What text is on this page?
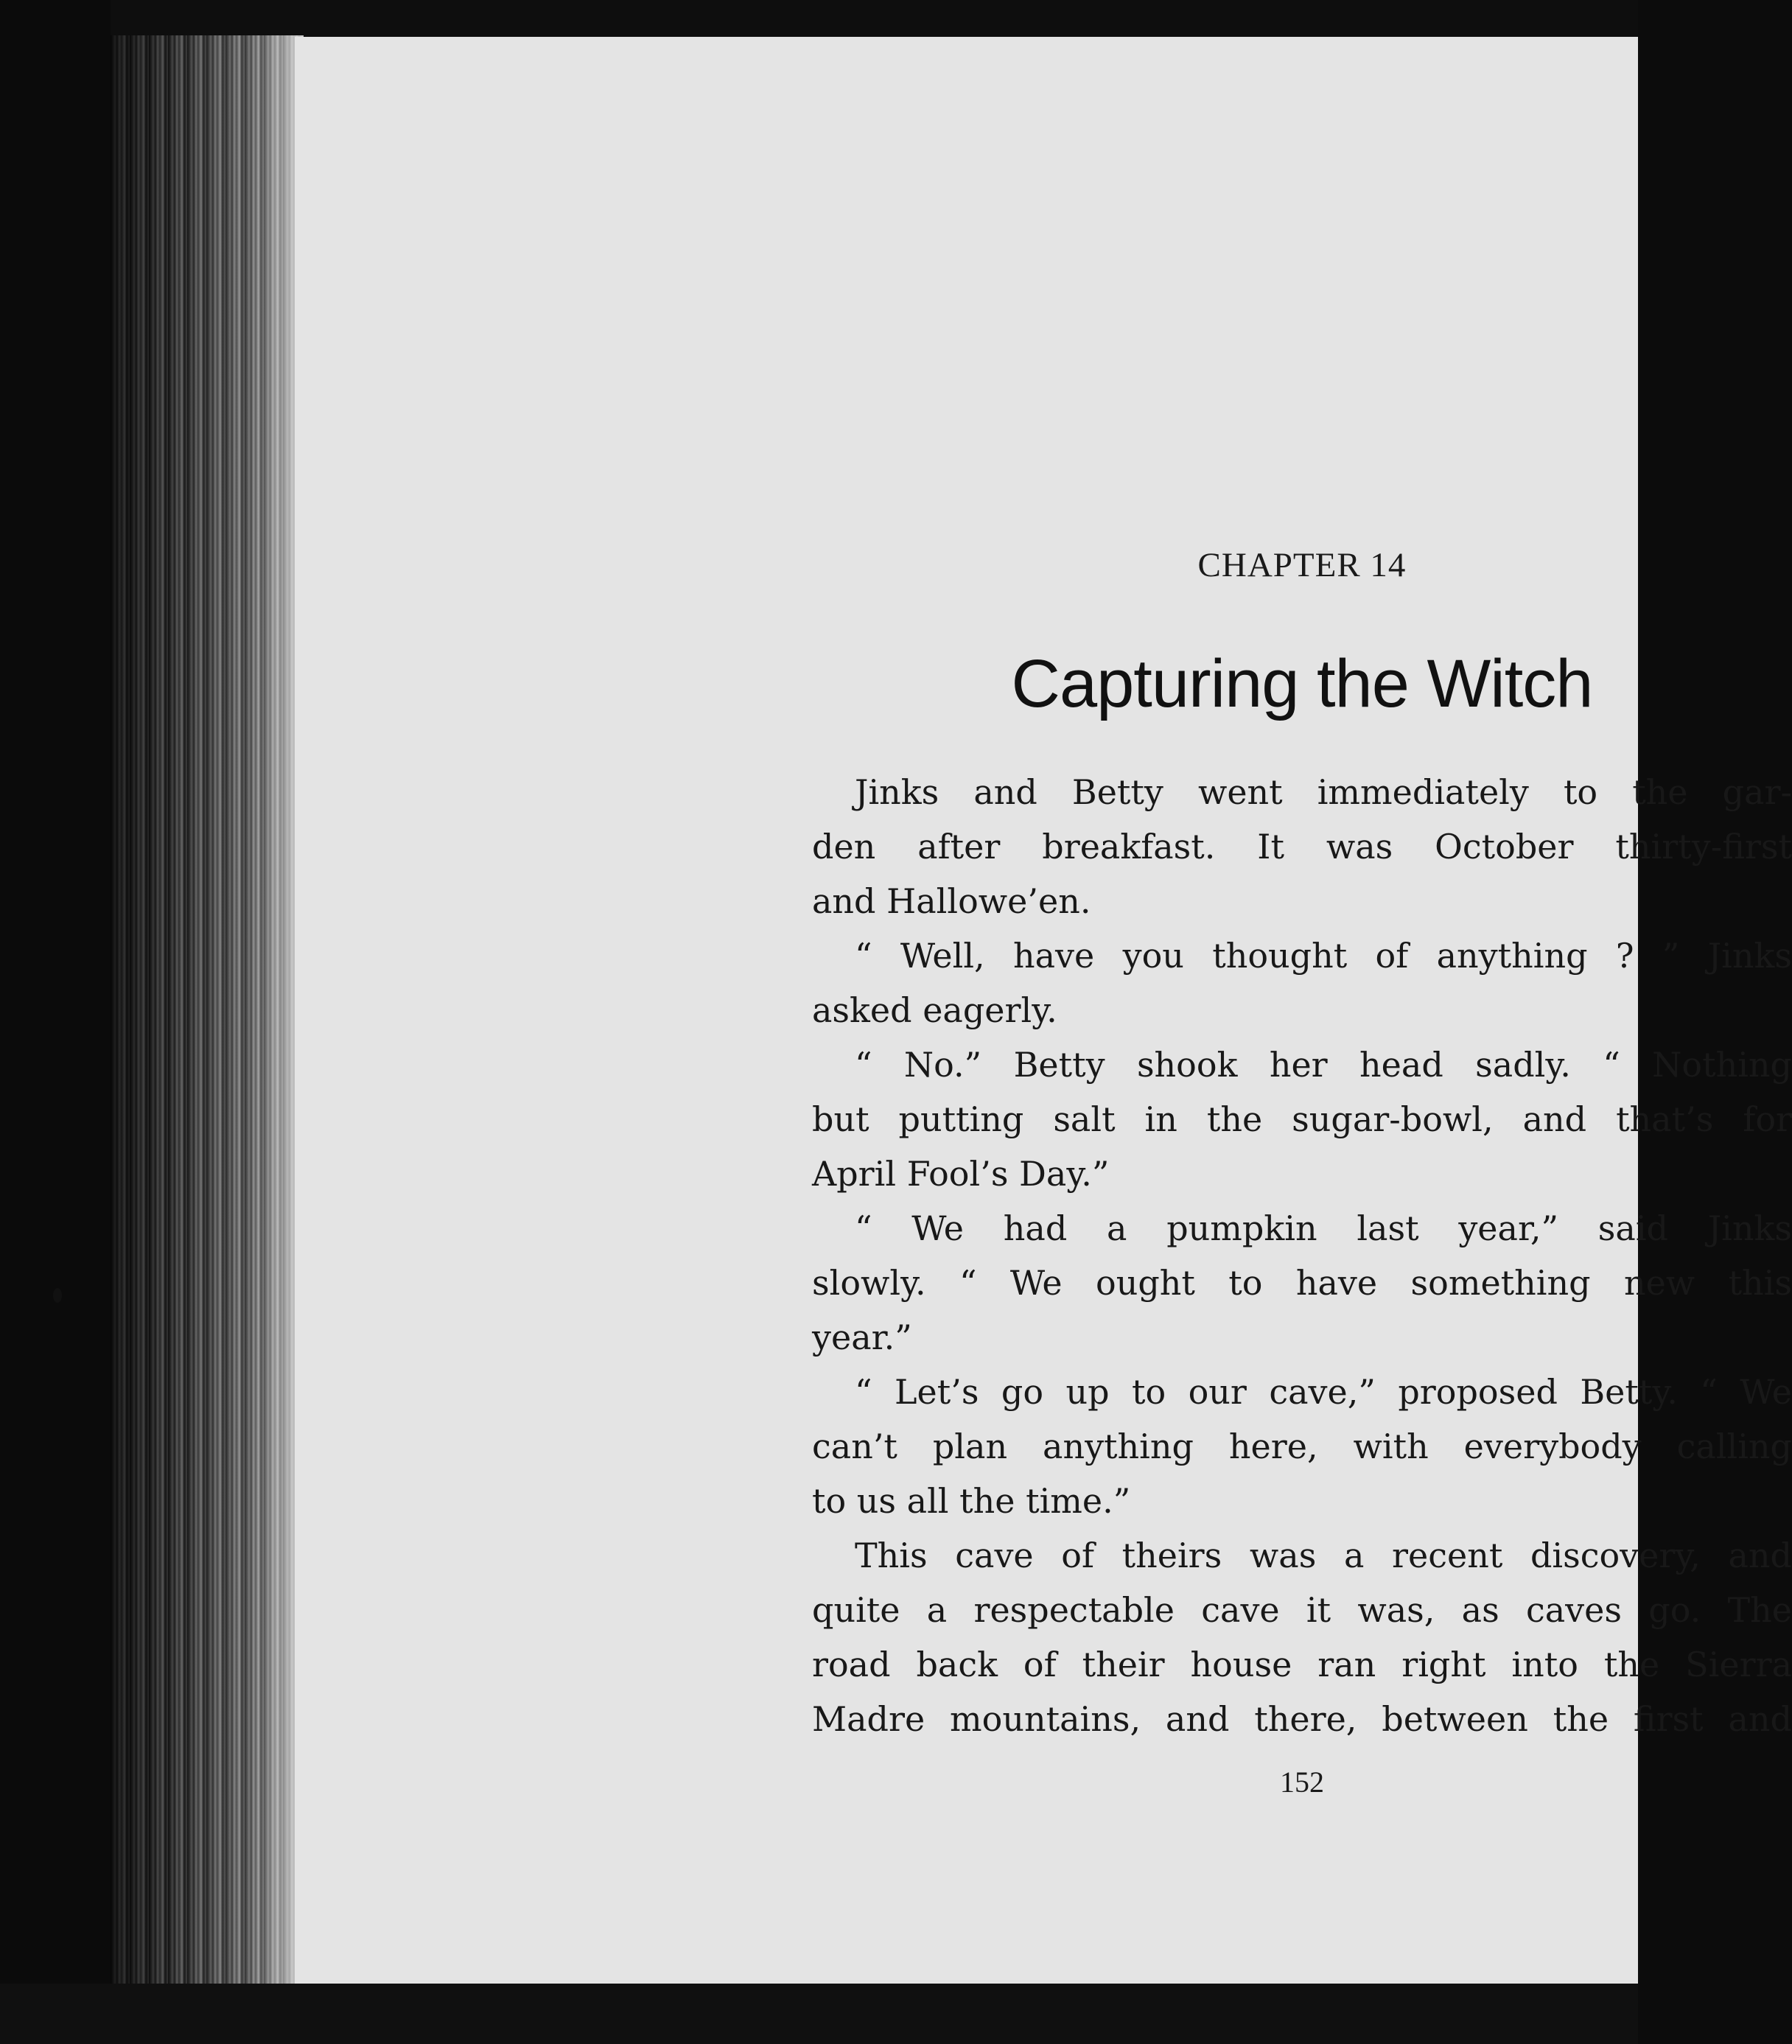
CHAPTER 14
Capturing the Witch
Jinks and Betty went immediately to the gar-
den after breakfast. It was October thirty-first
and Hallowe’en.
“ Well, have you thought of anything ? ” Jinks
asked eagerly.
“ No.” Betty shook her head sadly. “ Nothing
but putting salt in the sugar-bowl, and that’s for
April Fool’s Day.”
“ We had a pumpkin last year,” said Jinks
slowly. “ We ought to have something new this
year.”
“ Let’s go up to our cave,” proposed Betty. “ We
can’t plan anything here, with everybody calling
to us all the time.”
This cave of theirs was a recent discovery, and
quite a respectable cave it was, as caves go. The
road back of their house ran right into the Sierra
Madre mountains, and there, between the first and
152
